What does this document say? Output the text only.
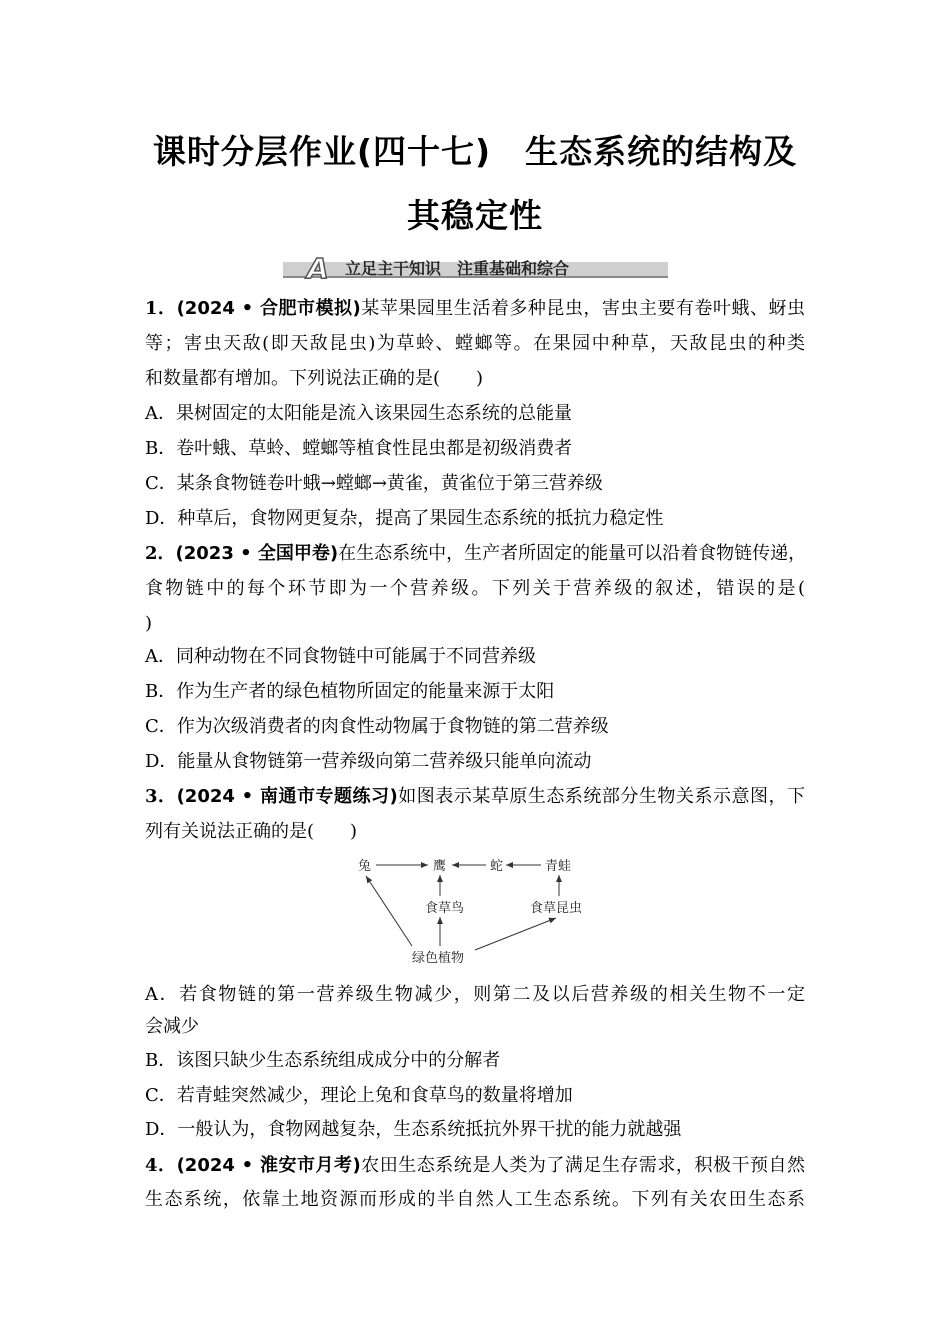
课时分层作业(四十七)　生态系统的结构及
其稳定性
A 立足主干知识　注重基础和综合
1．(2024 • 合肥市模拟)某苹果园里生活着多种昆虫，害虫主要有卷叶蛾、蚜虫
等；害虫天敌(即天敌昆虫)为草蛉、螳螂等。在果园中种草，天敌昆虫的种类
和数量都有增加。下列说法正确的是(　　)
A．果树固定的太阳能是流入该果园生态系统的总能量
B．卷叶蛾、草蛉、螳螂等植食性昆虫都是初级消费者
C．某条食物链卷叶蛾→螳螂→黄雀，黄雀位于第三营养级
D．种草后，食物网更复杂，提高了果园生态系统的抵抗力稳定性
2．(2023 • 全国甲卷)在生态系统中，生产者所固定的能量可以沿着食物链传递，
食物链中的每个环节即为一个营养级。下列关于营养级的叙述，错误的是(
)
A．同种动物在不同食物链中可能属于不同营养级
B．作为生产者的绿色植物所固定的能量来源于太阳
C．作为次级消费者的肉食性动物属于食物链的第二营养级
D．能量从食物链第一营养级向第二营养级只能单向流动
3．(2024 • 南通市专题练习)如图表示某草原生态系统部分生物关系示意图，下
列有关说法正确的是(　　)
兔	鹰	蛇	青蛙
食草鸟	食草昆虫
绿色植物
A．若食物链的第一营养级生物减少，则第二及以后营养级的相关生物不一定
会减少
B．该图只缺少生态系统组成成分中的分解者
C．若青蛙突然减少，理论上兔和食草鸟的数量将增加
D．一般认为，食物网越复杂，生态系统抵抗外界干扰的能力就越强
4．(2024 • 淮安市月考)农田生态系统是人类为了满足生存需求，积极干预自然
生态系统，依靠土地资源而形成的半自然人工生态系统。下列有关农田生态系
